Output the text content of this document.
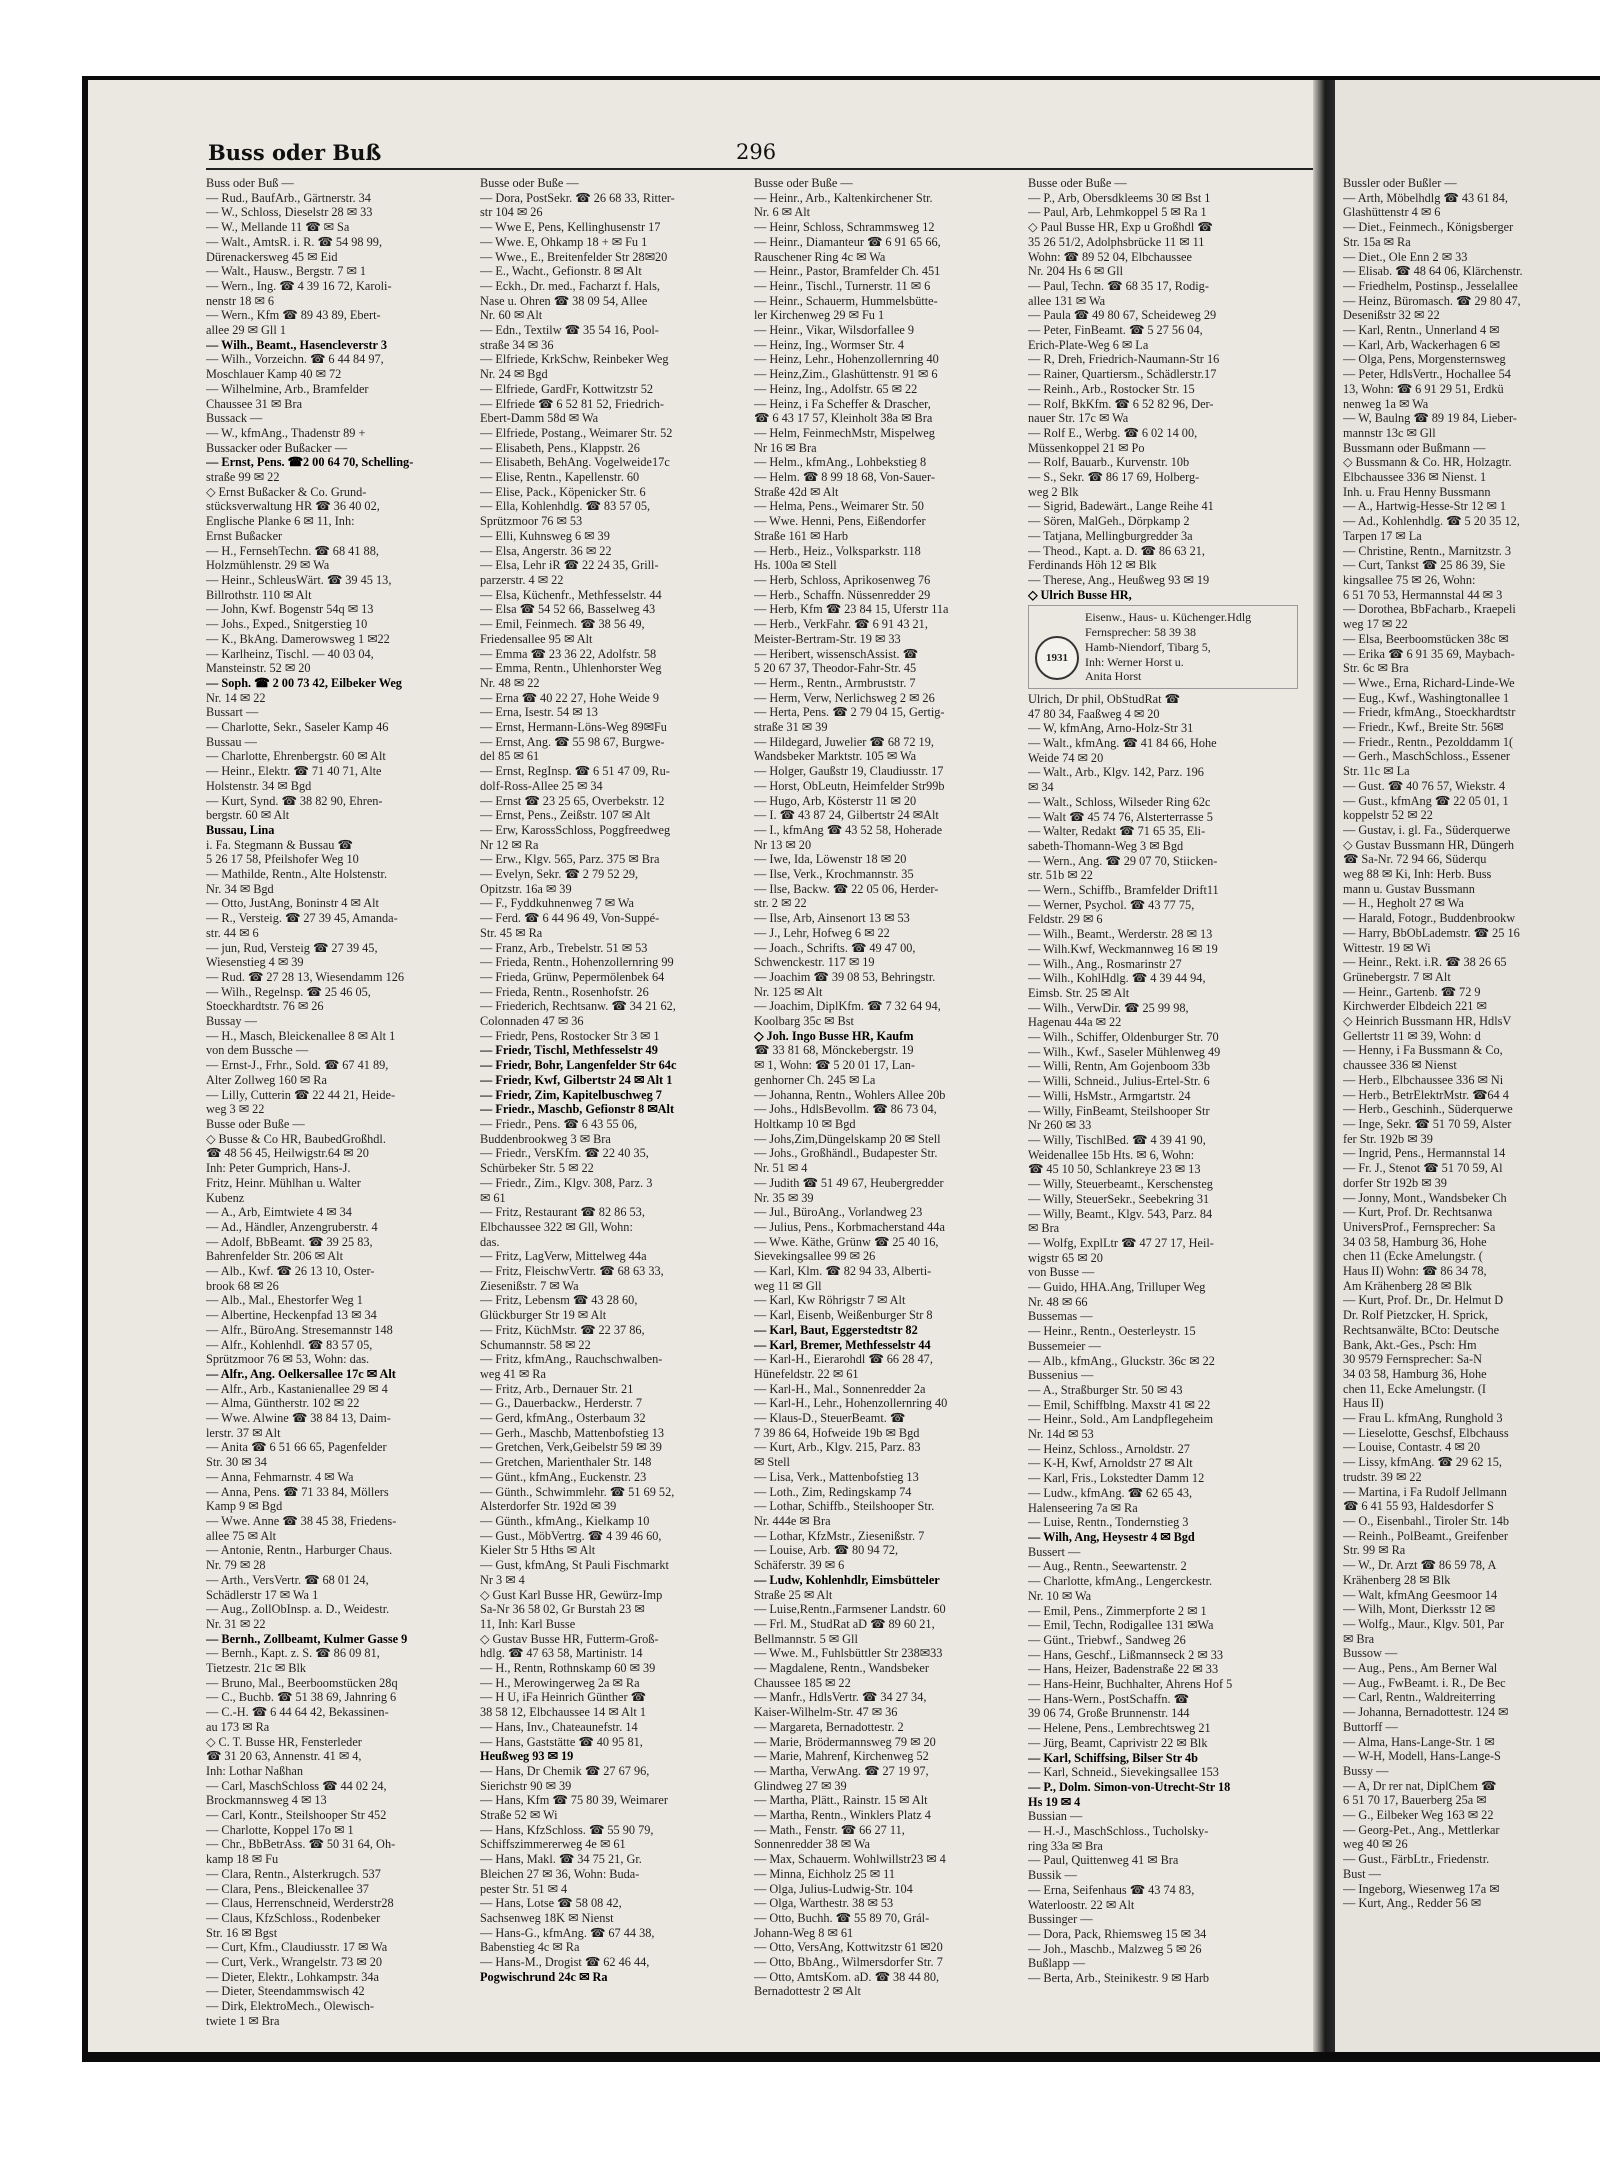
Buss oder Buß	296
Buss oder Buß —
— Rud., BaufArb., Gärtnerstr. 34
— W., Schloss, Dieselstr 28 ✉ 33
— W., Mellande 11 ☎ ✉ Sa
— Walt., AmtsR. i. R. ☎ 54 98 99,
Dürenackersweg 45 ✉ Eid
— Walt., Hausw., Bergstr. 7 ✉ 1
— Wern., Ing. ☎ 4 39 16 72, Karoli-
nenstr 18 ✉ 6
— Wern., Kfm ☎ 89 43 89, Ebert-
allee 29 ✉ Gll 1
— Wilh., Beamt., Hasencleverstr 3
— Wilh., Vorzeichn. ☎ 6 44 84 97,
Moschlauer Kamp 40 ✉ 72
— Wilhelmine, Arb., Bramfelder
Chaussee 31 ✉ Bra
Bussack —
— W., kfmAng., Thadenstr 89 +
Bussacker oder Bußacker —
— Ernst, Pens. ☎2 00 64 70, Schelling-
straße 99 ✉ 22
◇ Ernst Bußacker & Co. Grund-
stücksverwaltung HR ☎ 36 40 02,
Englische Planke 6 ✉ 11, Inh:
Ernst Bußacker
— H., FernsehTechn. ☎ 68 41 88,
Holzmühlenstr. 29 ✉ Wa
— Heinr., SchleusWärt. ☎ 39 45 13,
Billrothstr. 110 ✉ Alt
— John, Kwf. Bogenstr 54q ✉ 13
— Johs., Exped., Snitgerstieg 10
— K., BkAng. Damerowsweg 1 ✉22
— Karlheinz, Tischl. — 40 03 04,
Mansteinstr. 52 ✉ 20
— Soph. ☎ 2 00 73 42, Eilbeker Weg
Nr. 14 ✉ 22
Bussart —
— Charlotte, Sekr., Saseler Kamp 46
Bussau —
— Charlotte, Ehrenbergstr. 60 ✉ Alt
— Heinr., Elektr. ☎ 71 40 71, Alte
Holstenstr. 34 ✉ Bgd
— Kurt, Synd. ☎ 38 82 90, Ehren-
bergstr. 60 ✉ Alt
Bussau, Lina
i. Fa. Stegmann & Bussau ☎
5 26 17 58, Pfeilshofer Weg 10
— Mathilde, Rentn., Alte Holstenstr.
Nr. 34 ✉ Bgd
— Otto, JustAng, Boninstr 4 ✉ Alt
— R., Versteig. ☎ 27 39 45, Amanda-
str. 44 ✉ 6
— jun, Rud, Versteig ☎ 27 39 45,
Wiesenstieg 4 ✉ 39
— Rud. ☎ 27 28 13, Wiesendamm 126
— Wilh., Regelnsp. ☎ 25 46 05,
Stoeckhardtstr. 76 ✉ 26
Bussay —
— H., Masch, Bleickenallee 8 ✉ Alt 1
von dem Bussche —
— Ernst-J., Frhr., Sold. ☎ 67 41 89,
Alter Zollweg 160 ✉ Ra
— Lilly, Cutterin ☎ 22 44 21, Heide-
weg 3 ✉ 22
Busse oder Buße —
◇ Busse & Co HR, BaubedGroßhdl.
☎ 48 56 45, Heilwigstr.64 ✉ 20
Inh: Peter Gumprich, Hans-J.
Fritz, Heinr. Mühlhan u. Walter
Kubenz
— A., Arb, Eimtwiete 4 ✉ 34
— Ad., Händler, Anzengruberstr. 4
— Adolf, BbBeamt. ☎ 39 25 83,
Bahrenfelder Str. 206 ✉ Alt
— Alb., Kwf. ☎ 26 13 10, Oster-
brook 68 ✉ 26
— Alb., Mal., Ehestorfer Weg 1
— Albertine, Heckenpfad 13 ✉ 34
— Alfr., BüroAng. Stresemannstr 148
— Alfr., Kohlenhdl. ☎ 83 57 05,
Sprützmoor 76 ✉ 53, Wohn: das.
— Alfr., Ang. Oelkersallee 17c ✉ Alt
— Alfr., Arb., Kastanienallee 29 ✉ 4
— Alma, Güntherstr. 102 ✉ 22
— Wwe. Alwine ☎ 38 84 13, Daim-
lerstr. 37 ✉ Alt
— Anita ☎ 6 51 66 65, Pagenfelder
Str. 30 ✉ 34
— Anna, Fehmarnstr. 4 ✉ Wa
— Anna, Pens. ☎ 71 33 84, Möllers
Kamp 9 ✉ Bgd
— Wwe. Anne ☎ 38 45 38, Friedens-
allee 75 ✉ Alt
— Antonie, Rentn., Harburger Chaus.
Nr. 79 ✉ 28
— Arth., VersVertr. ☎ 68 01 24,
Schädlerstr 17 ✉ Wa 1
— Aug., ZollObInsp. a. D., Weidestr.
Nr. 31 ✉ 22
— Bernh., Zollbeamt, Kulmer Gasse 9
— Bernh., Kapt. z. S. ☎ 86 09 81,
Tietzestr. 21c ✉ Blk
— Bruno, Mal., Beerboomstücken 28q
— C., Buchb. ☎ 51 38 69, Jahnring 6
— C.-H. ☎ 6 44 64 42, Bekassinen-
au 173 ✉ Ra
◇ C. T. Busse HR, Fensterleder
☎ 31 20 63, Annenstr. 41 ✉ 4,
Inh: Lothar Naßhan
— Carl, MaschSchloss ☎ 44 02 24,
Brockmannsweg 4 ✉ 13
— Carl, Kontr., Steilshooper Str 452
— Charlotte, Koppel 17o ✉ 1
— Chr., BbBetrAss. ☎ 50 31 64, Oh-
kamp 18 ✉ Fu
— Clara, Rentn., Alsterkrugch. 537
— Clara, Pens., Bleickenallee 37
— Claus, Herrenschneid, Werderstr28
— Claus, KfzSchloss., Rodenbeker
Str. 16 ✉ Bgst
— Curt, Kfm., Claudiusstr. 17 ✉ Wa
— Curt, Verk., Wrangelstr. 73 ✉ 20
— Dieter, Elektr., Lohkampstr. 34a
— Dieter, Steendammswisch 42
— Dirk, ElektroMech., Olewisch-
twiete 1 ✉ Bra
Busse oder Buße —
— Dora, PostSekr. ☎ 26 68 33, Ritter-
str 104 ✉ 26
— Wwe E, Pens, Kellinghusenstr 17
— Wwe. E, Ohkamp 18 + ✉ Fu 1
— Wwe., E., Breitenfelder Str 28✉20
— E., Wacht., Gefionstr. 8 ✉ Alt
— Eckh., Dr. med., Facharzt f. Hals,
Nase u. Ohren ☎ 38 09 54, Allee
Nr. 60 ✉ Alt
— Edn., Textilw ☎ 35 54 16, Pool-
straße 34 ✉ 36
— Elfriede, KrkSchw, Reinbeker Weg
Nr. 24 ✉ Bgd
— Elfriede, GardFr, Kottwitzstr 52
— Elfriede ☎ 6 52 81 52, Friedrich-
Ebert-Damm 58d ✉ Wa
— Elfriede, Postang., Weimarer Str. 52
— Elisabeth, Pens., Klappstr. 26
— Elisabeth, BehAng. Vogelweide17c
— Elise, Rentn., Kapellenstr. 60
— Elise, Pack., Köpenicker Str. 6
— Ella, Kohlenhdlg. ☎ 83 57 05,
Sprützmoor 76 ✉ 53
— Elli, Kuhnsweg 6 ✉ 39
— Elsa, Angerstr. 36 ✉ 22
— Elsa, Lehr iR ☎ 22 24 35, Grill-
parzerstr. 4 ✉ 22
— Elsa, Küchenfr., Methfesselstr. 44
— Elsa ☎ 54 52 66, Basselweg 43
— Emil, Feinmech. ☎ 38 56 49,
Friedensallee 95 ✉ Alt
— Emma ☎ 23 36 22, Adolfstr. 58
— Emma, Rentn., Uhlenhorster Weg
Nr. 48 ✉ 22
— Erna ☎ 40 22 27, Hohe Weide 9
— Erna, Isestr. 54 ✉ 13
— Ernst, Hermann-Löns-Weg 89✉Fu
— Ernst, Ang. ☎ 55 98 67, Burgwe-
del 85 ✉ 61
— Ernst, RegInsp. ☎ 6 51 47 09, Ru-
dolf-Ross-Allee 25 ✉ 34
— Ernst ☎ 23 25 65, Overbekstr. 12
— Ernst, Pens., Zeißstr. 107 ✉ Alt
— Erw, KarossSchloss, Poggfreedweg
Nr 12 ✉ Ra
— Erw., Klgv. 565, Parz. 375 ✉ Bra
— Evelyn, Sekr. ☎ 2 79 52 29,
Opitzstr. 16a ✉ 39
— F., Fyddkuhnenweg 7 ✉ Wa
— Ferd. ☎ 6 44 96 49, Von-Suppé-
Str. 45 ✉ Ra
— Franz, Arb., Trebelstr. 51 ✉ 53
— Frieda, Rentn., Hohenzollernring 99
— Frieda, Grünw, Pepermölenbek 64
— Frieda, Rentn., Rosenhofstr. 26
— Friederich, Rechtsanw. ☎ 34 21 62,
Colonnaden 47 ✉ 36
— Friedr, Pens, Rostocker Str 3 ✉ 1
— Friedr, Tischl, Methfesselstr 49
— Friedr, Bohr, Langenfelder Str 64c
— Friedr, Kwf, Gilbertstr 24 ✉ Alt 1
— Friedr, Zim, Kapitelbuschweg 7
— Friedr., Maschb, Gefionstr 8 ✉Alt
— Friedr., Pens. ☎ 6 43 55 06,
Buddenbrookweg 3 ✉ Bra
— Friedr., VersKfm. ☎ 22 40 35,
Schürbeker Str. 5 ✉ 22
— Friedr., Zim., Klgv. 308, Parz. 3
✉ 61
— Fritz, Restaurant ☎ 82 86 53,
Elbchaussee 322 ✉ Gll, Wohn:
das.
— Fritz, LagVerw, Mittelweg 44a
— Fritz, FleischwVertr. ☎ 68 63 33,
Ziesenißstr. 7 ✉ Wa
— Fritz, Lebensm ☎ 43 28 60,
Glückburger Str 19 ✉ Alt
— Fritz, KüchMstr. ☎ 22 37 86,
Schumannstr. 58 ✉ 22
— Fritz, kfmAng., Rauchschwalben-
weg 41 ✉ Ra
— Fritz, Arb., Dernauer Str. 21
— G., Dauerbackw., Herderstr. 7
— Gerd, kfmAng., Osterbaum 32
— Gerh., Maschb, Mattenbofstieg 13
— Gretchen, Verk,Geibelstr 59 ✉ 39
— Gretchen, Marienthaler Str. 148
— Günt., kfmAng., Euckenstr. 23
— Günth., Schwimmlehr. ☎ 51 69 52,
Alsterdorfer Str. 192d ✉ 39
— Günth., kfmAng., Kielkamp 10
— Gust., MöbVertrg. ☎ 4 39 46 60,
Kieler Str 5 Hths ✉ Alt
— Gust, kfmAng, St Pauli Fischmarkt
Nr 3 ✉ 4
◇ Gust Karl Busse HR, Gewürz-Imp
Sa-Nr 36 58 02, Gr Burstah 23 ✉
11, Inh: Karl Busse
◇ Gustav Busse HR, Futterm-Groß-
hdlg. ☎ 47 63 58, Martinistr. 14
— H., Rentn, Rothnskamp 60 ✉ 39
— H., Merowingerweg 2a ✉ Ra
— H U, iFa Heinrich Günther ☎
38 58 12, Elbchaussee 14 ✉ Alt 1
— Hans, Inv., Chateaunefstr. 14
— Hans, Gaststätte ☎ 40 95 81,
Heußweg 93 ✉ 19
— Hans, Dr Chemik ☎ 27 67 96,
Sierichstr 90 ✉ 39
— Hans, Kfm ☎ 75 80 39, Weimarer
Straße 52 ✉ Wi
— Hans, KfzSchloss. ☎ 55 90 79,
Schiffszimmererweg 4e ✉ 61
— Hans, Makl. ☎ 34 75 21, Gr.
Bleichen 27 ✉ 36, Wohn: Buda-
pester Str. 51 ✉ 4
— Hans, Lotse ☎ 58 08 42,
Sachsenweg 18K ✉ Nienst
— Hans-G., kfmAng. ☎ 67 44 38,
Babenstieg 4c ✉ Ra
— Hans-M., Drogist ☎ 62 46 44,
Pogwischrund 24c ✉ Ra
Busse oder Buße —
— Heinr., Arb., Kaltenkirchener Str.
Nr. 6 ✉ Alt
— Heinr, Schloss, Schrammsweg 12
— Heinr., Diamanteur ☎ 6 91 65 66,
Rauschener Ring 4c ✉ Wa
— Heinr., Pastor, Bramfelder Ch. 451
— Heinr., Tischl., Turnerstr. 11 ✉ 6
— Heinr., Schauerm, Hummelsbütte-
ler Kirchenweg 29 ✉ Fu 1
— Heinr., Vikar, Wilsdorfallee 9
— Heinz, Ing., Wormser Str. 4
— Heinz, Lehr., Hohenzollernring 40
— Heinz,Zim., Glashüttenstr. 91 ✉ 6
— Heinz, Ing., Adolfstr. 65 ✉ 22
— Heinz, i Fa Scheffer & Drascher,
☎ 6 43 17 57, Kleinholt 38a ✉ Bra
— Helm, FeinmechMstr, Mispelweg
Nr 16 ✉ Bra
— Helm., kfmAng., Lohbekstieg 8
— Helm. ☎ 8 99 18 68, Von-Sauer-
Straße 42d ✉ Alt
— Helma, Pens., Weimarer Str. 50
— Wwe. Henni, Pens, Eißendorfer
Straße 161 ✉ Harb
— Herb., Heiz., Volksparkstr. 118
Hs. 100a ✉ Stell
— Herb, Schloss, Aprikosenweg 76
— Herb., Schaffn. Nüssenredder 29
— Herb, Kfm ☎ 23 84 15, Uferstr 11a
— Herb., VerkFahr. ☎ 6 91 43 21,
Meister-Bertram-Str. 19 ✉ 33
— Heribert, wissenschAssist. ☎
5 20 67 37, Theodor-Fahr-Str. 45
— Herm., Rentn., Armbruststr. 7
— Herm, Verw, Nerlichsweg 2 ✉ 26
— Herta, Pens. ☎ 2 79 04 15, Gertig-
straße 31 ✉ 39
— Hildegard, Juwelier ☎ 68 72 19,
Wandsbeker Marktstr. 105 ✉ Wa
— Holger, Gaußstr 19, Claudiusstr. 17
— Horst, ObLeutn, Heimfelder Str99b
— Hugo, Arb, Kösterstr 11 ✉ 20
— I. ☎ 43 87 24, Gilbertstr 24 ✉Alt
— I., kfmAng ☎ 43 52 58, Hoherade
Nr 13 ✉ 20
— Iwe, Ida, Löwenstr 18 ✉ 20
— Ilse, Verk., Krochmannstr. 35
— Ilse, Backw. ☎ 22 05 06, Herder-
str. 2 ✉ 22
— Ilse, Arb, Ainsenort 13 ✉ 53
— J., Lehr, Hofweg 6 ✉ 22
— Joach., Schrifts. ☎ 49 47 00,
Schwenckestr. 117 ✉ 19
— Joachim ☎ 39 08 53, Behringstr.
Nr. 125 ✉ Alt
— Joachim, DiplKfm. ☎ 7 32 64 94,
Koolbarg 35c ✉ Bst
◇ Joh. Ingo Busse HR, Kaufm
☎ 33 81 68, Mönckebergstr. 19
✉ 1, Wohn: ☎ 5 20 01 17, Lan-
genhorner Ch. 245 ✉ La
— Johanna, Rentn., Wohlers Allee 20b
— Johs., HdlsBevollm. ☎ 86 73 04,
Holtkamp 10 ✉ Bgd
— Johs,Zim,Düngelskamp 20 ✉ Stell
— Johs., Großhändl., Budapester Str.
Nr. 51 ✉ 4
— Judith ☎ 51 49 67, Heubergredder
Nr. 35 ✉ 39
— Jul., BüroAng., Vorlandweg 23
— Julius, Pens., Korbmacherstand 44a
— Wwe. Käthe, Grünw ☎ 25 40 16,
Sievekingsallee 99 ✉ 26
— Karl, Klm. ☎ 82 94 33, Alberti-
weg 11 ✉ Gll
— Karl, Kw Röhrigstr 7 ✉ Alt
— Karl, Eisenb, Weißenburger Str 8
— Karl, Baut, Eggerstedtstr 82
— Karl, Bremer, Methfesselstr 44
— Karl-H., Eierarohdl ☎ 66 28 47,
Hünefeldstr. 22 ✉ 61
— Karl-H., Mal., Sonnenredder 2a
— Karl-H., Lehr., Hohenzollernring 40
— Klaus-D., SteuerBeamt. ☎
7 39 86 64, Hofweide 19b ✉ Bgd
— Kurt, Arb., Klgv. 215, Parz. 83
✉ Stell
— Lisa, Verk., Mattenbofstieg 13
— Loth., Zim, Redingskamp 74
— Lothar, Schiffb., Steilshooper Str.
Nr. 444e ✉ Bra
— Lothar, KfzMstr., Ziesenißstr. 7
— Louise, Arb. ☎ 80 94 72,
Schäferstr. 39 ✉ 6
— Ludw, Kohlenhdlr, Eimsbütteler
Straße 25 ✉ Alt
— Luise,Rentn.,Farmsener Landstr. 60
— Frl. M., StudRat aD ☎ 89 60 21,
Bellmannstr. 5 ✉ Gll
— Wwe. M., Fuhlsbüttler Str 238✉33
— Magdalene, Rentn., Wandsbeker
Chaussee 185 ✉ 22
— Manfr., HdlsVertr. ☎ 34 27 34,
Kaiser-Wilhelm-Str. 47 ✉ 36
— Margareta, Bernadottestr. 2
— Marie, Brödermannsweg 79 ✉ 20
— Marie, Mahrenf, Kirchenweg 52
— Martha, VerwAng. ☎ 27 19 97,
Glindweg 27 ✉ 39
— Martha, Plätt., Rainstr. 15 ✉ Alt
— Martha, Rentn., Winklers Platz 4
— Math., Fenstr. ☎ 66 27 11,
Sonnenredder 38 ✉ Wa
— Max, Schauerm. Wohlwillstr23 ✉ 4
— Minna, Eichholz 25 ✉ 11
— Olga, Julius-Ludwig-Str. 104
— Olga, Warthestr. 38 ✉ 53
— Otto, Buchh. ☎ 55 89 70, Grál-
Johann-Weg 8 ✉ 61
— Otto, VersAng, Kottwitzstr 61 ✉20
— Otto, BbAng., Wilmersdorfer Str. 7
— Otto, AmtsKom. aD. ☎ 38 44 80,
Bernadottestr 2 ✉ Alt
Busse oder Buße —
— P., Arb, Obersdkleems 30 ✉ Bst 1
— Paul, Arb, Lehmkoppel 5 ✉ Ra 1
◇ Paul Busse HR, Exp u Großhdl ☎
35 26 51/2, Adolphsbrücke 11 ✉ 11
Wohn: ☎ 89 52 04, Elbchaussee
Nr. 204 Hs 6 ✉ Gll
— Paul, Techn. ☎ 68 35 17, Rodig-
allee 131 ✉ Wa
— Paula ☎ 49 80 67, Scheideweg 29
— Peter, FinBeamt. ☎ 5 27 56 04,
Erich-Plate-Weg 6 ✉ La
— R, Dreh, Friedrich-Naumann-Str 16
— Rainer, Quartiersm., Schädlerstr.17
— Reinh., Arb., Rostocker Str. 15
— Rolf, BkKfm. ☎ 6 52 82 96, Der-
nauer Str. 17c ✉ Wa
— Rolf E., Werbg. ☎ 6 02 14 00,
Müssenkoppel 21 ✉ Po
— Rolf, Bauarb., Kurvenstr. 10b
— S., Sekr. ☎ 86 17 69, Holberg-
weg 2 Blk
— Sigrid, Badewärt., Lange Reihe 41
— Sören, MalGeh., Dörpkamp 2
— Tatjana, Mellingburgredder 3a
— Theod., Kapt. a. D. ☎ 86 63 21,
Ferdinands Höh 12 ✉ Blk
— Therese, Ang., Heußweg 93 ✉ 19
◇ Ulrich Busse HR,
1931
Eisenw., Haus- u. Küchenger.Hdlg
Fernsprecher: 58 39 38
Hamb-Niendorf, Tibarg 5,
Inh: Werner Horst u.
Anita Horst
Ulrich, Dr phil, ObStudRat ☎
47 80 34, Faaßweg 4 ✉ 20
— W, kfmAng, Arno-Holz-Str 31
— Walt., kfmAng. ☎ 41 84 66, Hohe
Weide 74 ✉ 20
— Walt., Arb., Klgv. 142, Parz. 196
✉ 34
— Walt., Schloss, Wilseder Ring 62c
— Walt ☎ 45 74 76, Alsterterrasse 5
— Walter, Redakt ☎ 71 65 35, Eli-
sabeth-Thomann-Weg 3 ✉ Bgd
— Wern., Ang. ☎ 29 07 70, Stiicken-
str. 51b ✉ 22
— Wern., Schiffb., Bramfelder Drift11
— Werner, Psychol. ☎ 43 77 75,
Feldstr. 29 ✉ 6
— Wilh., Beamt., Werderstr. 28 ✉ 13
— Wilh.Kwf, Weckmannweg 16 ✉ 19
— Wilh., Ang., Rosmarinstr 27
— Wilh., KohlHdlg. ☎ 4 39 44 94,
Eimsb. Str. 25 ✉ Alt
— Wilh., VerwDir. ☎ 25 99 98,
Hagenau 44a ✉ 22
— Wilh., Schiffer, Oldenburger Str. 70
— Wilh., Kwf., Saseler Mühlenweg 49
— Willi, Rentn, Am Gojenboom 33b
— Willi, Schneid., Julius-Ertel-Str. 6
— Willi, HsMstr., Armgartstr. 24
— Willy, FinBeamt, Steilshooper Str
Nr 260 ✉ 33
— Willy, TischlBed. ☎ 4 39 41 90,
Weidenallee 15b Hts. ✉ 6, Wohn:
☎ 45 10 50, Schlankreye 23 ✉ 13
— Willy, Steuerbeamt., Kerschensteg
— Willy, SteuerSekr., Seebekring 31
— Willy, Beamt., Klgv. 543, Parz. 84
✉ Bra
— Wolfg, ExplLtr ☎ 47 27 17, Heil-
wigstr 65 ✉ 20
von Busse —
— Guido, HHA.Ang, Trilluper Weg
Nr. 48 ✉ 66
Bussemas —
— Heinr., Rentn., Oesterleystr. 15
Bussemeier —
— Alb., kfmAng., Gluckstr. 36c ✉ 22
Bussenius —
— A., Straßburger Str. 50 ✉ 43
— Emil, Schiffblng. Maxstr 41 ✉ 22
— Heinr., Sold., Am Landpflegeheim
Nr. 14d ✉ 53
— Heinz, Schloss., Arnoldstr. 27
— K-H, Kwf, Arnoldstr 27 ✉ Alt
— Karl, Fris., Lokstedter Damm 12
— Ludw., kfmAng. ☎ 62 65 43,
Halenseering 7a ✉ Ra
— Luise, Rentn., Tondernstieg 3
— Wilh, Ang, Heysestr 4 ✉ Bgd
Bussert —
— Aug., Rentn., Seewartenstr. 2
— Charlotte, kfmAng., Lengerckestr.
Nr. 10 ✉ Wa
— Emil, Pens., Zimmerpforte 2 ✉ 1
— Emil, Techn, Rodigallee 131 ✉Wa
— Günt., Triebwf., Sandweg 26
— Hans, Geschf., Lißmannseck 2 ✉ 33
— Hans, Heizer, Badenstraße 22 ✉ 33
— Hans-Heinr, Buchhalter, Ahrens Hof 5
— Hans-Wern., PostSchaffn. ☎
39 06 74, Große Brunnenstr. 144
— Helene, Pens., Lembrechtsweg 21
— Jürg, Beamt, Caprivistr 22 ✉ Blk
— Karl, Schiffsing, Bilser Str 4b
— Karl, Schneid., Sievekingsallee 153
— P., Dolm. Simon-von-Utrecht-Str 18
Hs 19 ✉ 4
Bussian —
— H.-J., MaschSchloss., Tucholsky-
ring 33a ✉ Bra
— Paul, Quittenweg 41 ✉ Bra
Bussik —
— Erna, Seifenhaus ☎ 43 74 83,
Waterloostr. 22 ✉ Alt
Bussinger —
— Dora, Pack, Rhiemsweg 15 ✉ 34
— Joh., Maschb., Malzweg 5 ✉ 26
Bußlapp —
— Berta, Arb., Steinikestr. 9 ✉ Harb
Bussler oder Bußler —
— Arth, Möbelhdlg ☎ 43 61 84,
Glashüttenstr 4 ✉ 6
— Diet., Feinmech., Königsberger
Str. 15a ✉ Ra
— Diet., Ole Enn 2 ✉ 33
— Elisab. ☎ 48 64 06, Klärchenstr.
— Friedhelm, Postinsp., Jesselallee
— Heinz, Büromasch. ☎ 29 80 47,
Desenißstr 32 ✉ 22
— Karl, Rentn., Unnerland 4 ✉
— Karl, Arb, Wackerhagen 6 ✉
— Olga, Pens, Morgensternsweg
— Peter, HdlsVertr., Hochallee 54
13, Wohn: ☎ 6 91 29 51, Erdkü
nenweg 1a ✉ Wa
— W, Baulng ☎ 89 19 84, Lieber-
mannstr 13c ✉ Gll
Bussmann oder Bußmann —
◇ Bussmann & Co. HR, Holzagtr.
Elbchaussee 336 ✉ Nienst. 1
Inh. u. Frau Henny Bussmann
— A., Hartwig-Hesse-Str 12 ✉ 1
— Ad., Kohlenhdlg. ☎ 5 20 35 12,
Tarpen 17 ✉ La
— Christine, Rentn., Marnitzstr. 3
— Curt, Tankst ☎ 25 86 39, Sie
kingsallee 75 ✉ 26, Wohn:
6 51 70 53, Hermannstal 44 ✉ 3
— Dorothea, BbFacharb., Kraepeli
weg 17 ✉ 22
— Elsa, Beerboomstücken 38c ✉
— Erika ☎ 6 91 35 69, Maybach-
Str. 6c ✉ Bra
— Wwe., Erna, Richard-Linde-We
— Eug., Kwf., Washingtonallee 1
— Friedr, kfmAng., Stoeckhardtstr
— Friedr., Kwf., Breite Str. 56✉
— Friedr., Rentn., Pezolddamm 1(
— Gerh., MaschSchloss., Essener
Str. 11c ✉ La
— Gust. ☎ 40 76 57, Wiekstr. 4
— Gust., kfmAng ☎ 22 05 01, 1
koppelstr 52 ✉ 22
— Gustav, i. gl. Fa., Süderquerwe
◇ Gustav Bussmann HR, Düngerh
☎ Sa-Nr. 72 94 66, Süderqu
weg 88 ✉ Ki, Inh: Herb. Buss
mann u. Gustav Bussmann
— H., Hegholt 27 ✉ Wa
— Harald, Fotogr., Buddenbrookw
— Harry, BbObLademstr. ☎ 25 16
Wittestr. 19 ✉ Wi
— Heinr., Rekt. i.R. ☎ 38 26 65
Grünebergstr. 7 ✉ Alt
— Heinr., Gartenb. ☎ 72 9
Kirchwerder Elbdeich 221 ✉
◇ Heinrich Bussmann HR, HdlsV
Gellertstr 11 ✉ 39, Wohn: d
— Henny, i Fa Bussmann & Co,
chaussee 336 ✉ Nienst
— Herb., Elbchaussee 336 ✉ Ni
— Herb., BetrElektrMstr. ☎64 4
— Herb., Geschinh., Süderquerwe
— Inge, Sekr. ☎ 51 70 59, Alster
fer Str. 192b ✉ 39
— Ingrid, Pens., Hermannstal 14
— Fr. J., Stenot ☎ 51 70 59, Al
dorfer Str 192b ✉ 39
— Jonny, Mont., Wandsbeker Ch
— Kurt, Prof. Dr. Rechtsanwa
UniversProf., Fernsprecher: Sa
34 03 58, Hamburg 36, Hohe
chen 11 (Ecke Amelungstr. (
Haus II) Wohn: ☎ 86 34 78,
Am Krähenberg 28 ✉ Blk
— Kurt, Prof. Dr., Dr. Helmut D
Dr. Rolf Pietzcker, H. Sprick,
Rechtsanwälte, BCto: Deutsche
Bank, Akt.-Ges., Psch: Hm
30 9579 Fernsprecher: Sa-N
34 03 58, Hamburg 36, Hohe
chen 11, Ecke Amelungstr. (I
Haus II)
— Frau L. kfmAng, Runghold 3
— Lieselotte, Geschsf, Elbchauss
— Louise, Contastr. 4 ✉ 20
— Lissy, kfmAng. ☎ 29 62 15,
trudstr. 39 ✉ 22
— Martina, i Fa Rudolf Jellmann
☎ 6 41 55 93, Haldesdorfer S
— O., Eisenbahl., Tiroler Str. 14b
— Reinh., PolBeamt., Greifenber
Str. 99 ✉ Ra
— W., Dr. Arzt ☎ 86 59 78, A
Krähenberg 28 ✉ Blk
— Walt, kfmAng Geesmoor 14
— Wilh, Mont, Dierksstr 12 ✉
— Wolfg., Maur., Klgv. 501, Par
✉ Bra
Bussow —
— Aug., Pens., Am Berner Wal
— Aug., FwBeamt. i. R., De Bec
— Carl, Rentn., Waldreiterring
— Johanna, Bernadottestr. 124 ✉
Buttorff —
— Alma, Hans-Lange-Str. 1 ✉
— W-H, Modell, Hans-Lange-S
Bussy —
— A, Dr rer nat, DiplChem ☎
6 51 70 17, Bauerberg 25a ✉
— G., Eilbeker Weg 163 ✉ 22
— Georg-Pet., Ang., Mettlerkar
weg 40 ✉ 26
— Gust., FärbLtr., Friedenstr.
Bust —
— Ingeborg, Wiesenweg 17a ✉
— Kurt, Ang., Redder 56 ✉
